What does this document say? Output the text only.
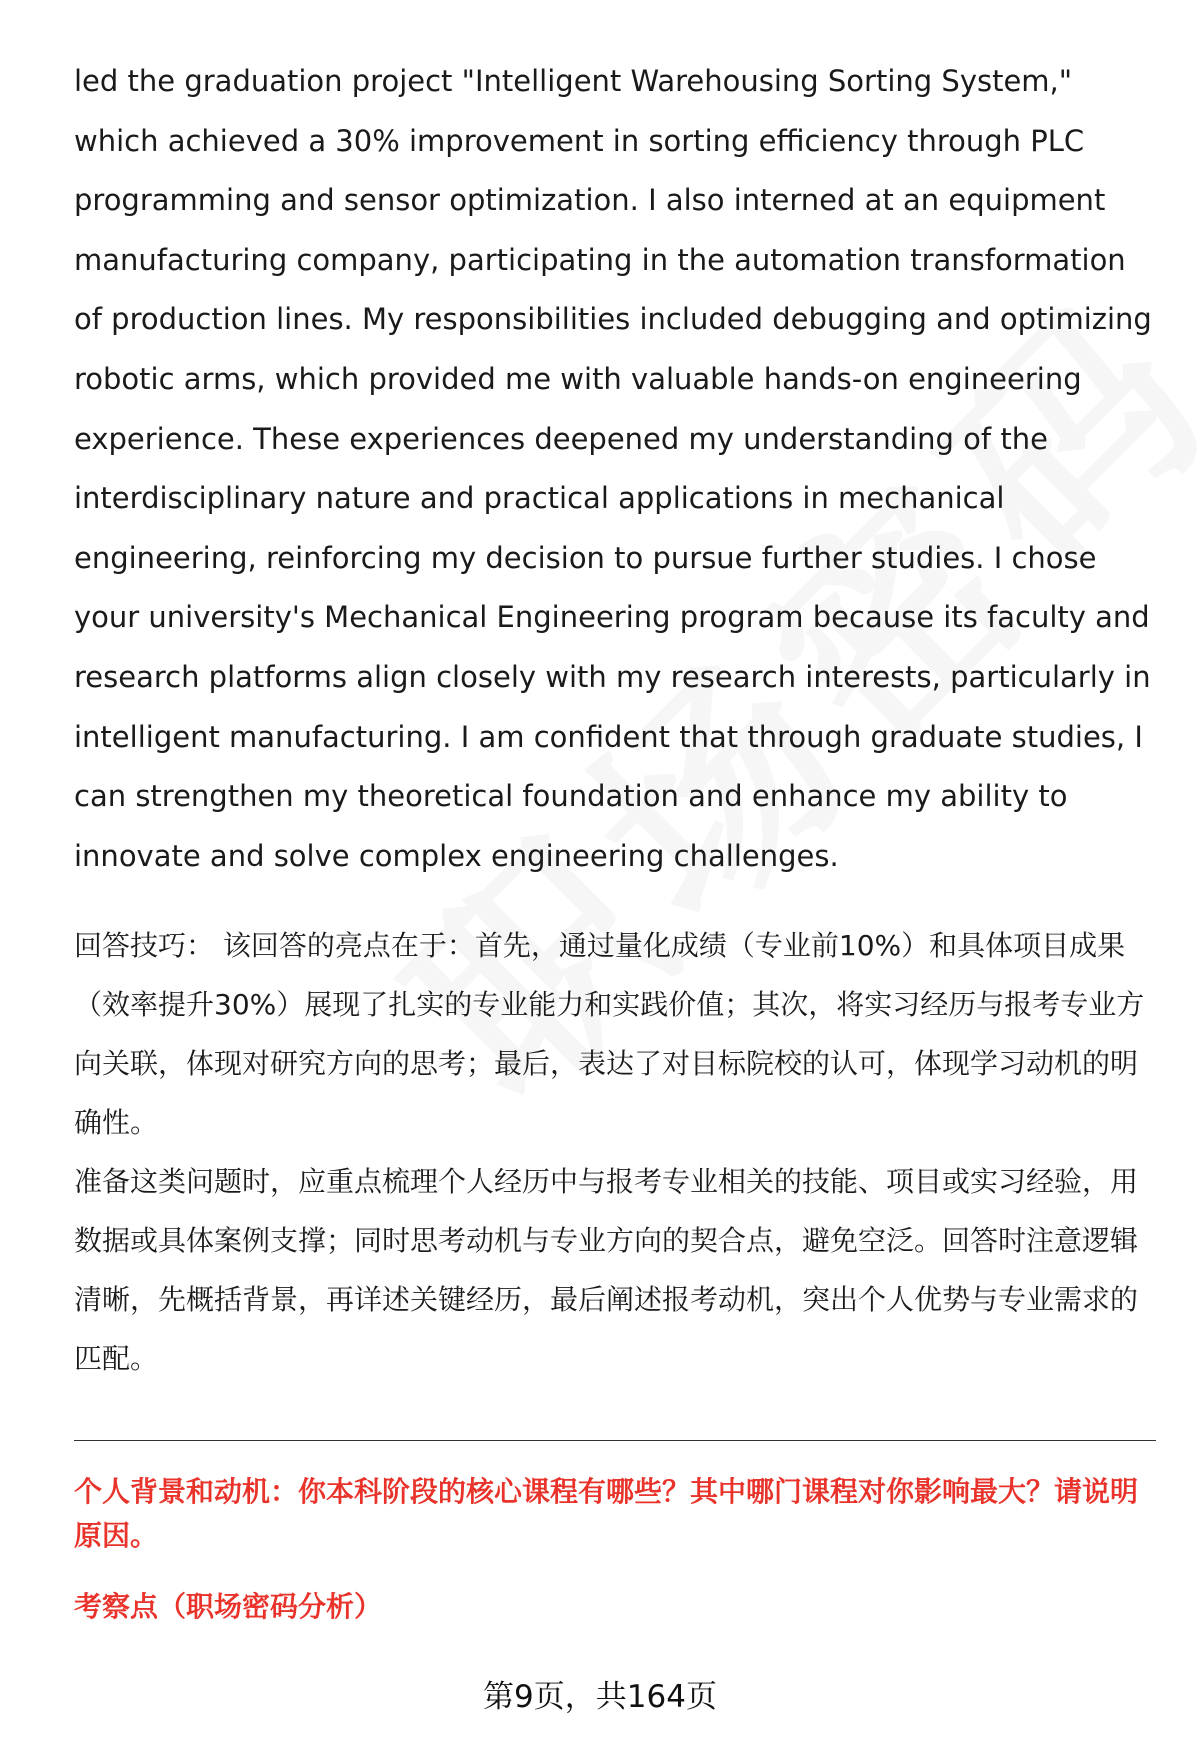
led the graduation project "Intelligent Warehousing Sorting System," which achieved a 30% improvement in sorting efficiency through PLC programming and sensor optimization. I also interned at an equipment manufacturing company, participating in the automation transformation of production lines. My responsibilities included debugging and optimizing robotic arms, which provided me with valuable hands-on engineering experience. These experiences deepened my understanding of the interdisciplinary nature and practical applications in mechanical engineering, reinforcing my decision to pursue further studies. I chose your university's Mechanical Engineering program because its faculty and research platforms align closely with my research interests, particularly in intelligent manufacturing. I am confident that through graduate studies, I can strengthen my theoretical foundation and enhance my ability to innovate and solve complex engineering challenges.

回答技巧： 该回答的亮点在于：首先，通过量化成绩（专业前10%）和具体项目成果（效率提升30%）展现了扎实的专业能力和实践价值；其次，将实习经历与报考专业方向关联，体现对研究方向的思考；最后，表达了对目标院校的认可，体现学习动机的明确性。

准备这类问题时，应重点梳理个人经历中与报考专业相关的技能、项目或实习经验，用数据或具体案例支撑；同时思考动机与专业方向的契合点，避免空泛。回答时注意逻辑清晰，先概括背景，再详述关键经历，最后阐述报考动机，突出个人优势与专业需求的匹配。

个人背景和动机：你本科阶段的核心课程有哪些？其中哪门课程对你影响最大？请说明原因。

考察点（职场密码分析）

第9页，共164页
